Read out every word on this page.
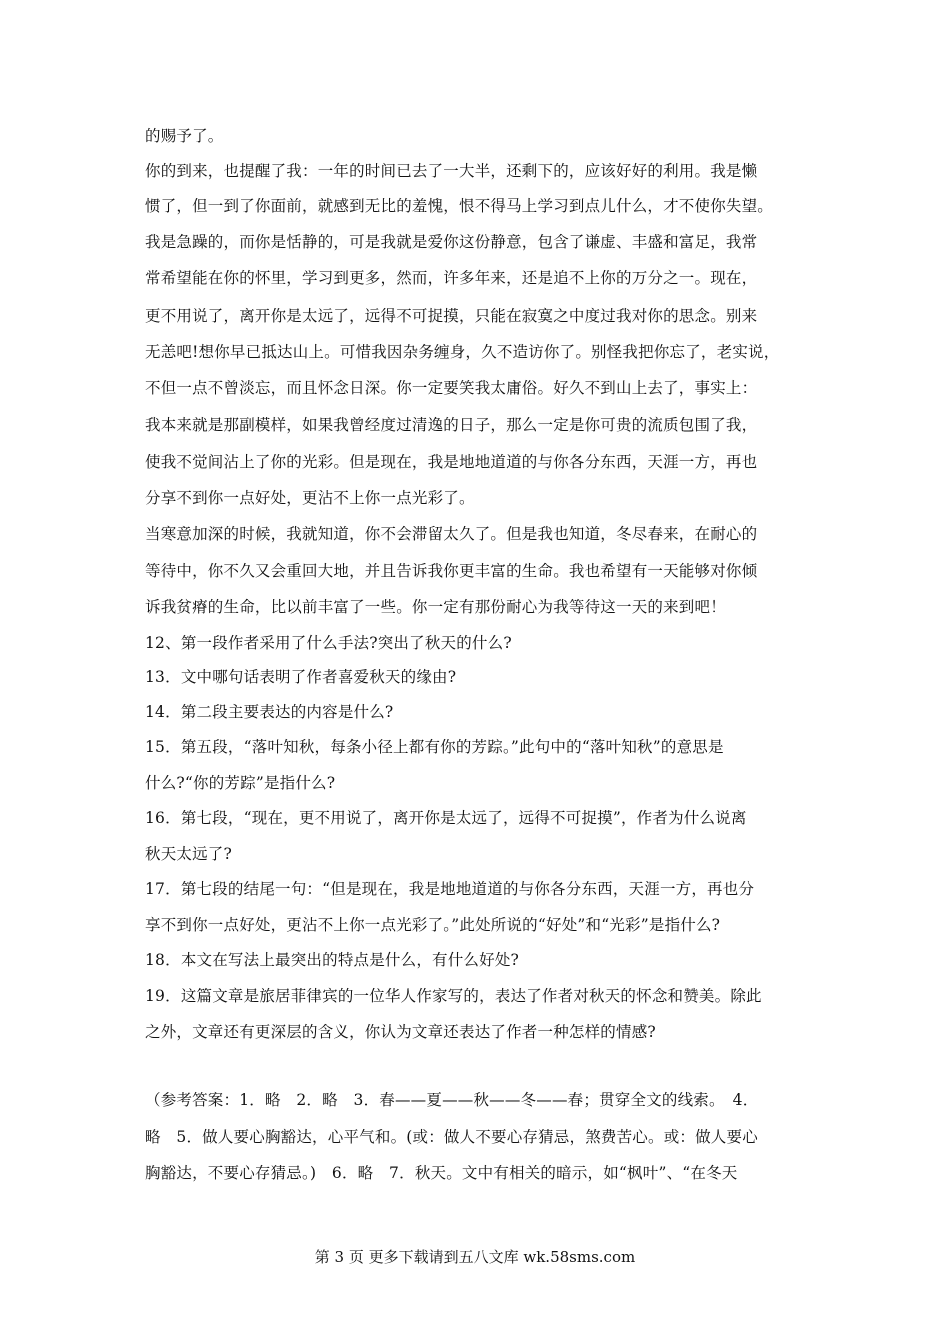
的赐予了。
你的到来，也提醒了我：一年的时间已去了一大半，还剩下的，应该好好的利用。我是懒
惯了，但一到了你面前，就感到无比的羞愧，恨不得马上学习到点儿什么，才不使你失望。
我是急躁的，而你是恬静的，可是我就是爱你这份静意，包含了谦虚、丰盛和富足，我常
常希望能在你的怀里，学习到更多，然而，许多年来，还是追不上你的万分之一。现在，
更不用说了，离开你是太远了，远得不可捉摸，只能在寂寞之中度过我对你的思念。别来
无恙吧!想你早已抵达山上。可惜我因杂务缠身，久不造访你了。别怪我把你忘了，老实说，
不但一点不曾淡忘，而且怀念日深。你一定要笑我太庸俗。好久不到山上去了，事实上：
我本来就是那副模样，如果我曾经度过清逸的日子，那么一定是你可贵的流质包围了我，
使我不觉间沾上了你的光彩。但是现在，我是地地道道的与你各分东西，天涯一方，再也
分享不到你一点好处，更沾不上你一点光彩了。
当寒意加深的时候，我就知道，你不会滞留太久了。但是我也知道，冬尽春来，在耐心的
等待中，你不久又会重回大地，并且告诉我你更丰富的生命。我也希望有一天能够对你倾
诉我贫瘠的生命，比以前丰富了一些。你一定有那份耐心为我等待这一天的来到吧！
12、第一段作者采用了什么手法?突出了秋天的什么?
13．文中哪句话表明了作者喜爱秋天的缘由?
14．第二段主要表达的内容是什么?
15．第五段，“落叶知秋，每条小径上都有你的芳踪。”此句中的“落叶知秋”的意思是
什么?“你的芳踪”是指什么?
16．第七段，“现在，更不用说了，离开你是太远了，远得不可捉摸”，作者为什么说离
秋天太远了?
17．第七段的结尾一句：“但是现在，我是地地道道的与你各分东西，天涯一方，再也分
享不到你一点好处，更沾不上你一点光彩了。”此处所说的“好处”和“光彩”是指什么?
18．本文在写法上最突出的特点是什么，有什么好处?
19．这篇文章是旅居菲律宾的一位华人作家写的，表达了作者对秋天的怀念和赞美。除此
之外，文章还有更深层的含义，你认为文章还表达了作者一种怎样的情感?
（参考答案：1．略　2．略　3．春——夏——秋——冬——春；贯穿全文的线索。　4．
略　5．做人要心胸豁达，心平气和。(或：做人不要心存猜忌，煞费苦心。或：做人要心
胸豁达，不要心存猜忌。)　6．略　7．秋天。文中有相关的暗示，如“枫叶”、“在冬天
第 3 页 更多下载请到五八文库 wk.58sms.com
